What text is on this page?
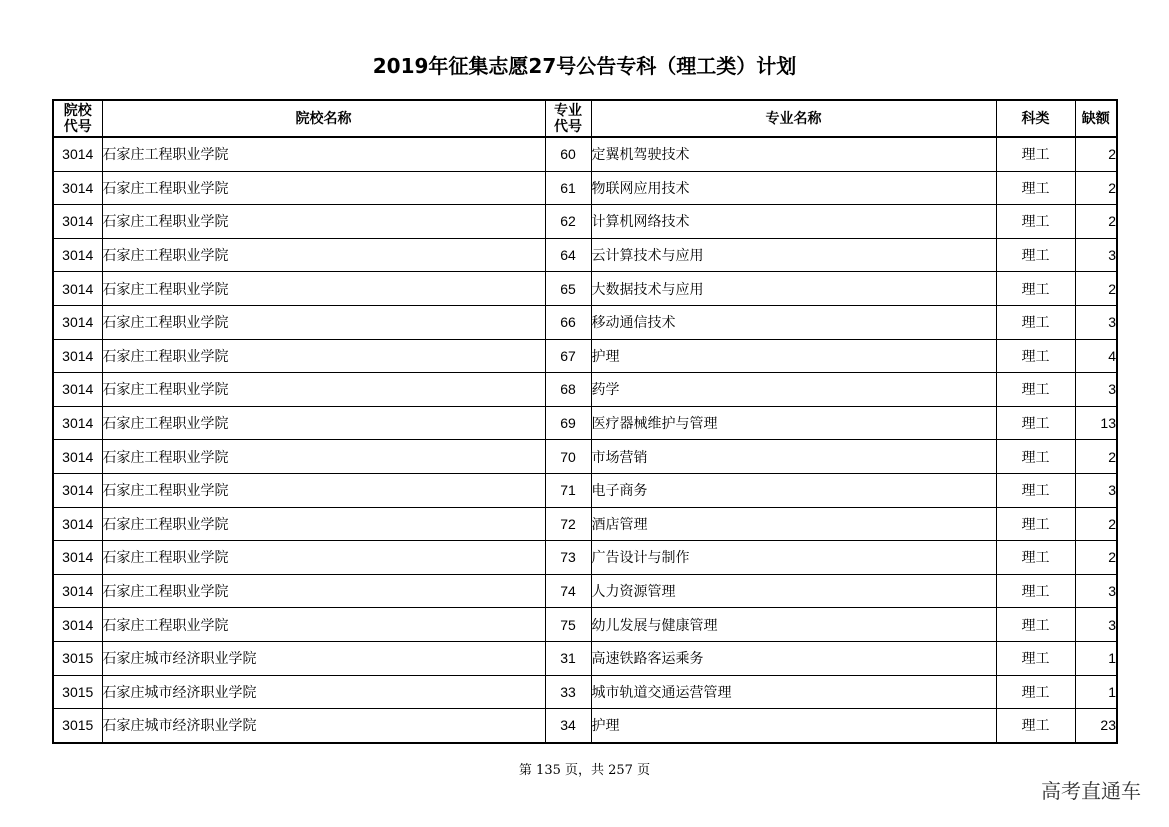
2019年征集志愿27号公告专科（理工类）计划
院校代号	院校名称	专业代号	专业名称	科类	缺额
3014	石家庄工程职业学院	60	定翼机驾驶技术	理工	2
3014	石家庄工程职业学院	61	物联网应用技术	理工	2
3014	石家庄工程职业学院	62	计算机网络技术	理工	2
3014	石家庄工程职业学院	64	云计算技术与应用	理工	3
3014	石家庄工程职业学院	65	大数据技术与应用	理工	2
3014	石家庄工程职业学院	66	移动通信技术	理工	3
3014	石家庄工程职业学院	67	护理	理工	4
3014	石家庄工程职业学院	68	药学	理工	3
3014	石家庄工程职业学院	69	医疗器械维护与管理	理工	13
3014	石家庄工程职业学院	70	市场营销	理工	2
3014	石家庄工程职业学院	71	电子商务	理工	3
3014	石家庄工程职业学院	72	酒店管理	理工	2
3014	石家庄工程职业学院	73	广告设计与制作	理工	2
3014	石家庄工程职业学院	74	人力资源管理	理工	3
3014	石家庄工程职业学院	75	幼儿发展与健康管理	理工	3
3015	石家庄城市经济职业学院	31	高速铁路客运乘务	理工	1
3015	石家庄城市经济职业学院	33	城市轨道交通运营管理	理工	1
3015	石家庄城市经济职业学院	34	护理	理工	23
第 135 页，共 257 页
高考直通车
